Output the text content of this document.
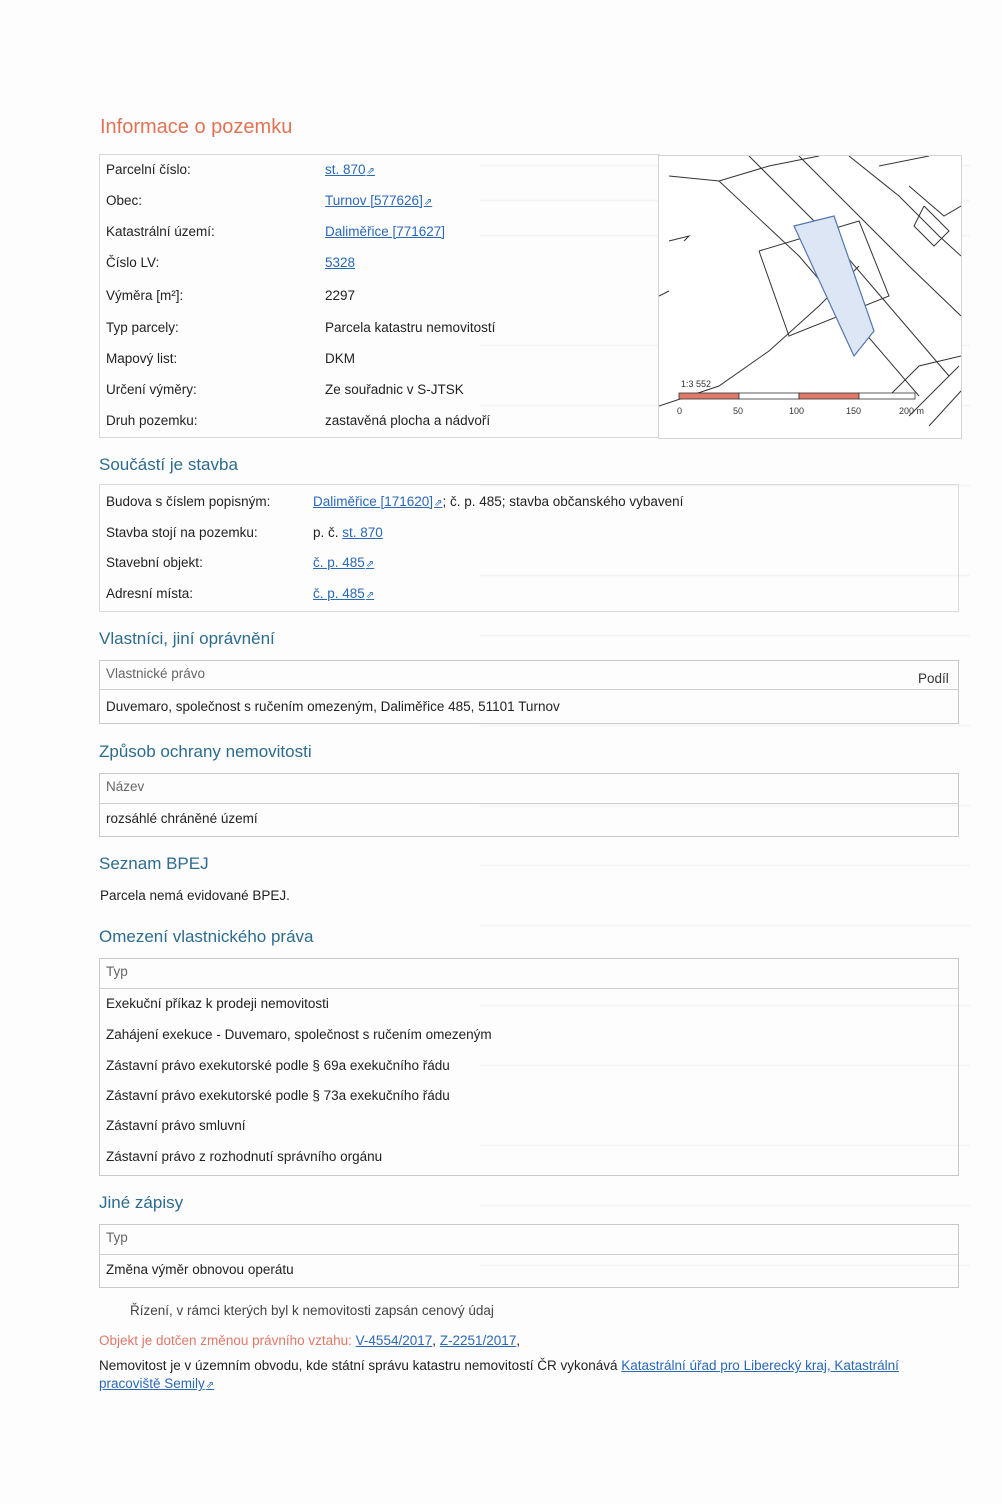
Informace o pozemku
Parcelní číslo:	st. 870⇗
Obec:	Turnov [577626]⇗
Katastrální území:	Daliměřice [771627]
Číslo LV:	5328
Výměra [m²]:	2297
Typ parcely:	Parcela katastru nemovitostí
Mapový list:	DKM
Určení výměry:	Ze souřadnic v S-JTSK
Druh pozemku:	zastavěná plocha a nádvoří
1:3 552
0	50	100	150	200 m
Součástí je stavba
Budova s číslem popisným:	Daliměřice [171620]⇗; č. p. 485; stavba občanského vybavení
Stavba stojí na pozemku:	p. č. st. 870
Stavební objekt:	č. p. 485⇗
Adresní místa:	č. p. 485⇗
Vlastníci, jiní oprávnění
Vlastnické právo	Podíl
Duvemaro, společnost s ručením omezeným, Daliměřice 485, 51101 Turnov
Způsob ochrany nemovitosti
Název
rozsáhlé chráněné území
Seznam BPEJ
Parcela nemá evidované BPEJ.
Omezení vlastnického práva
Typ
Exekuční příkaz k prodeji nemovitosti
Zahájení exekuce - Duvemaro, společnost s ručením omezeným
Zástavní právo exekutorské podle § 69a exekučního řádu
Zástavní právo exekutorské podle § 73a exekučního řádu
Zástavní právo smluvní
Zástavní právo z rozhodnutí správního orgánu
Jiné zápisy
Typ
Změna výměr obnovou operátu
Řízení, v rámci kterých byl k nemovitosti zapsán cenový údaj
Objekt je dotčen změnou právního vztahu: V-4554/2017, Z-2251/2017,
Nemovitost je v územním obvodu, kde státní správu katastru nemovitostí ČR vykonává Katastrální úřad pro Liberecký kraj, Katastrální
pracoviště Semily⇗
